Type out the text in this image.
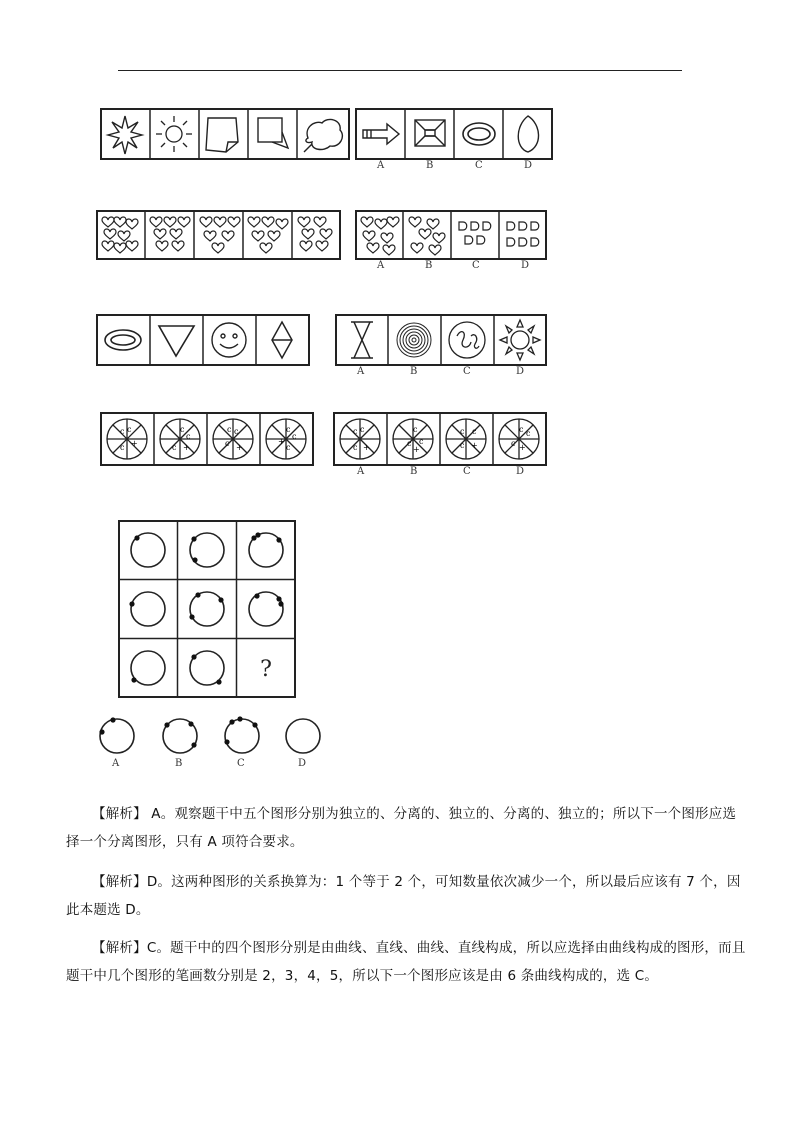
A	B	C	D
A	B	C	D
A	B	C	D
c c
c +
c
c
c +
c c
c +
c
c
c
+
c c
c +
c
c c
+
c c
c +
c c
c +
A	B	C	D
?
A	B	C	D
【解析】 A。观察题干中五个图形分别为独立的、分离的、独立的、分离的、独立的；所以下一个图形应选择一个分离图形，只有 A 项符合要求。
【解析】D。这两种图形的关系换算为：1 个等于 2 个，可知数量依次减少一个，所以最后应该有 7 个，因此本题选 D。
【解析】C。题干中的四个图形分别是由曲线、直线、曲线、直线构成，所以应选择由曲线构成的图形，而且题干中几个图形的笔画数分别是 2，3，4，5，所以下一个图形应该是由 6 条曲线构成的，选 C。
